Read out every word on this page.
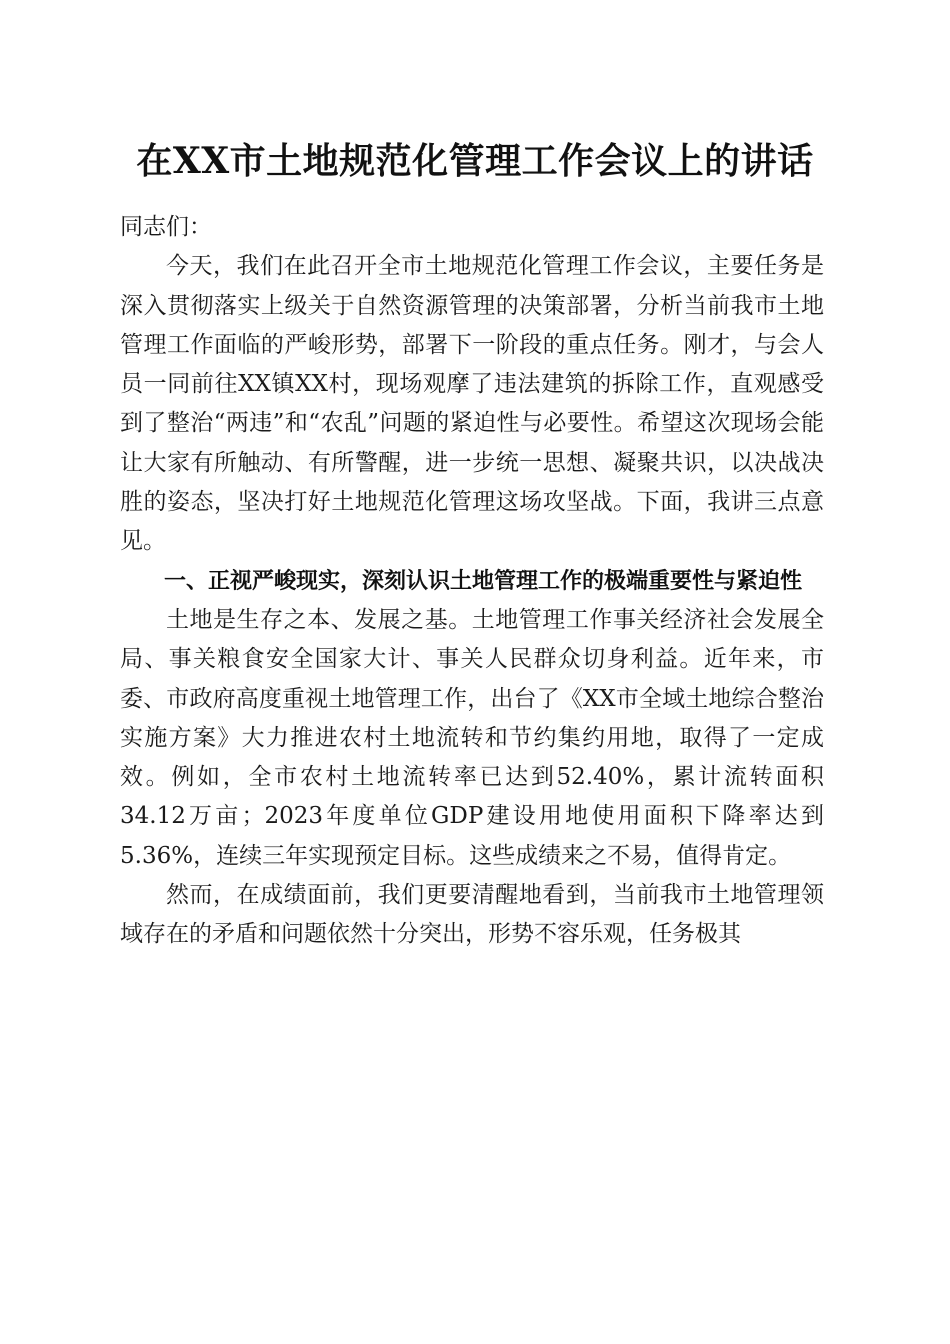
在XX市土地规范化管理工作会议上的讲话

同志们：

今天，我们在此召开全市土地规范化管理工作会议，主要任务是深入贯彻落实上级关于自然资源管理的决策部署，分析当前我市土地管理工作面临的严峻形势，部署下一阶段的重点任务。刚才，与会人员一同前往XX镇XX村，现场观摩了违法建筑的拆除工作，直观感受到了整治“两违”和“农乱”问题的紧迫性与必要性。希望这次现场会能让大家有所触动、有所警醒，进一步统一思想、凝聚共识，以决战决胜的姿态，坚决打好土地规范化管理这场攻坚战。下面，我讲三点意见。

一、正视严峻现实，深刻认识土地管理工作的极端重要性与紧迫性

土地是生存之本、发展之基。土地管理工作事关经济社会发展全局、事关粮食安全国家大计、事关人民群众切身利益。近年来，市委、市政府高度重视土地管理工作，出台了《XX市全域土地综合整治实施方案》大力推进农村土地流转和节约集约用地，取得了一定成效。例如，全市农村土地流转率已达到52.40%，累计流转面积34.12万亩；2023年度单位GDP建设用地使用面积下降率达到5.36%，连续三年实现预定目标。这些成绩来之不易，值得肯定。

然而，在成绩面前，我们更要清醒地看到，当前我市土地管理领域存在的矛盾和问题依然十分突出，形势不容乐观，任务极其
